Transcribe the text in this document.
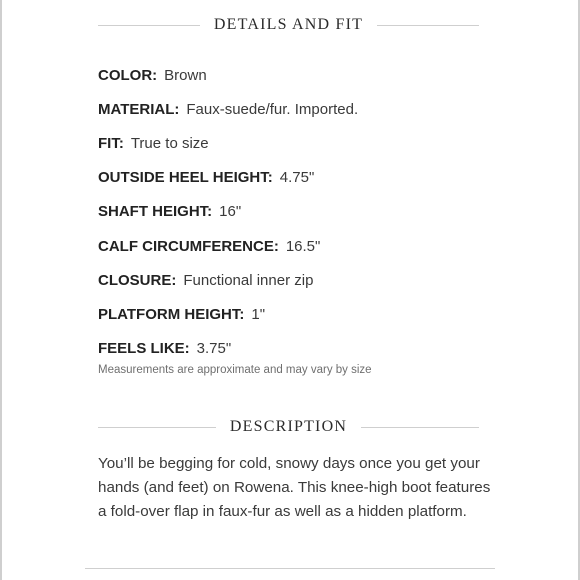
DETAILS AND FIT
COLOR: Brown
MATERIAL: Faux-suede/fur. Imported.
FIT: True to size
OUTSIDE HEEL HEIGHT: 4.75"
SHAFT HEIGHT: 16"
CALF CIRCUMFERENCE: 16.5"
CLOSURE: Functional inner zip
PLATFORM HEIGHT: 1"
FEELS LIKE: 3.75"
Measurements are approximate and may vary by size
DESCRIPTION

You’ll be begging for cold, snowy days once you get your hands (and feet) on Rowena. This knee-high boot features a fold-over flap in faux-fur as well as a hidden platform.
